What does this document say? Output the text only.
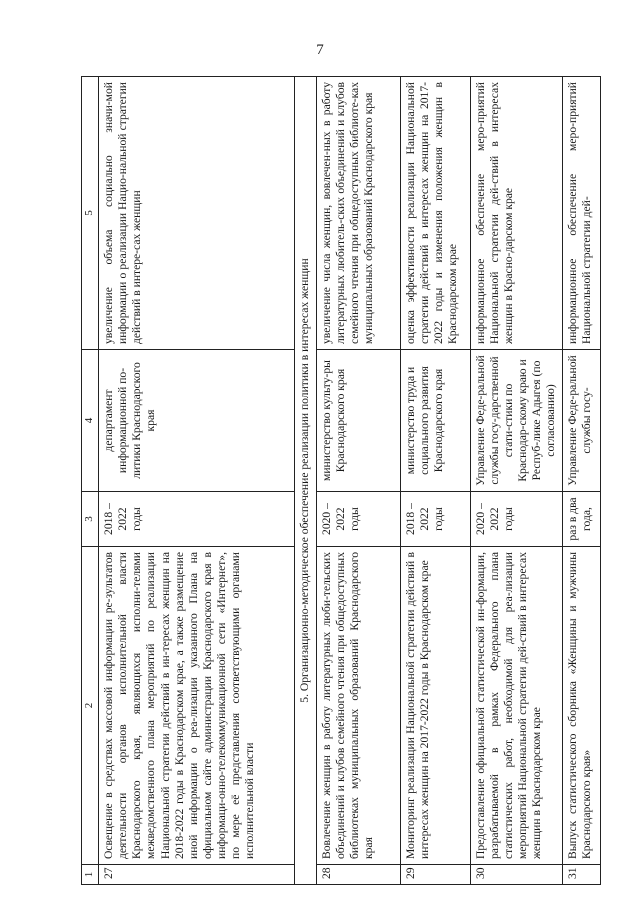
7
1	2	3	4	5
27	Освещение в средствах массовой информации ре-зультатов деятельности органов исполнительной власти Краснодарского края, являющихся исполни-телями межведомственного плана мероприятий по реализации Национальной стратегии действий в ин-тересах женщин на 2018-2022 годы в Краснодарском крае, а также размещение иной информации о реа-лизации указанного Плана на официальном сайте администрации Краснодарского края в информаци-онно-телекоммуникационной сети «Интернет», по мере её представления соответствующими органами исполнительной власти	2018 – 2022 годы	департамент информационной по-литики Краснодарского края	увеличение объема социально значи-мой информации о реализации Нацио-нальной стратегии действий в интере-сах женщин
5. Организационно-методическое обеспечение реализации политики в интересах женщин				
28	Вовлечение женщин в работу литературных люби-тельских объединений и клубов семейного чтения при общедоступных библиотеках муниципальных образований Краснодарского края	2020 – 2022 годы	министерство культу-ры Краснодарского края	увеличение числа женщин, вовлечен-ных в работу литературных любитель-ских объединений и клубов семейного чтения при общедоступных библиоте-ках муниципальных образований Краснодарского края
29	Мониторинг реализации Национальной стратегии действий в интересах женщин на 2017-2022 годы в Краснодарском крае	2018 – 2022 годы	министерство труда и социального развития Краснодарского края	оценка эффективности реализации Национальной стратегии действий в интересах женщин на 2017-2022 годы и изменения положения женщин в Краснодарском крае
30	Предоставление официальной статистической ин-формации, разрабатываемой в рамках Федерального плана статистических работ, необходимой для реа-лизации мероприятий Национальной стратегии дей-ствий в интересах женщин в Краснодарском крае	2020 – 2022 годы	Управление Феде-ральной службы госу-дарственной стати-стики по Краснодар-скому краю и Респуб-лике Адыгея (по согласованию)	информационное обеспечение меро-приятий Национальной стратегии дей-ствий в интересах женщин в Красно-дарском крае
31	Выпуск статистического сборника «Женщины и мужчины Краснодарского края»	раз в два года,	Управление Феде-ральной службы госу-	информационное обеспечение меро-приятий Национальной стратегии дей-
